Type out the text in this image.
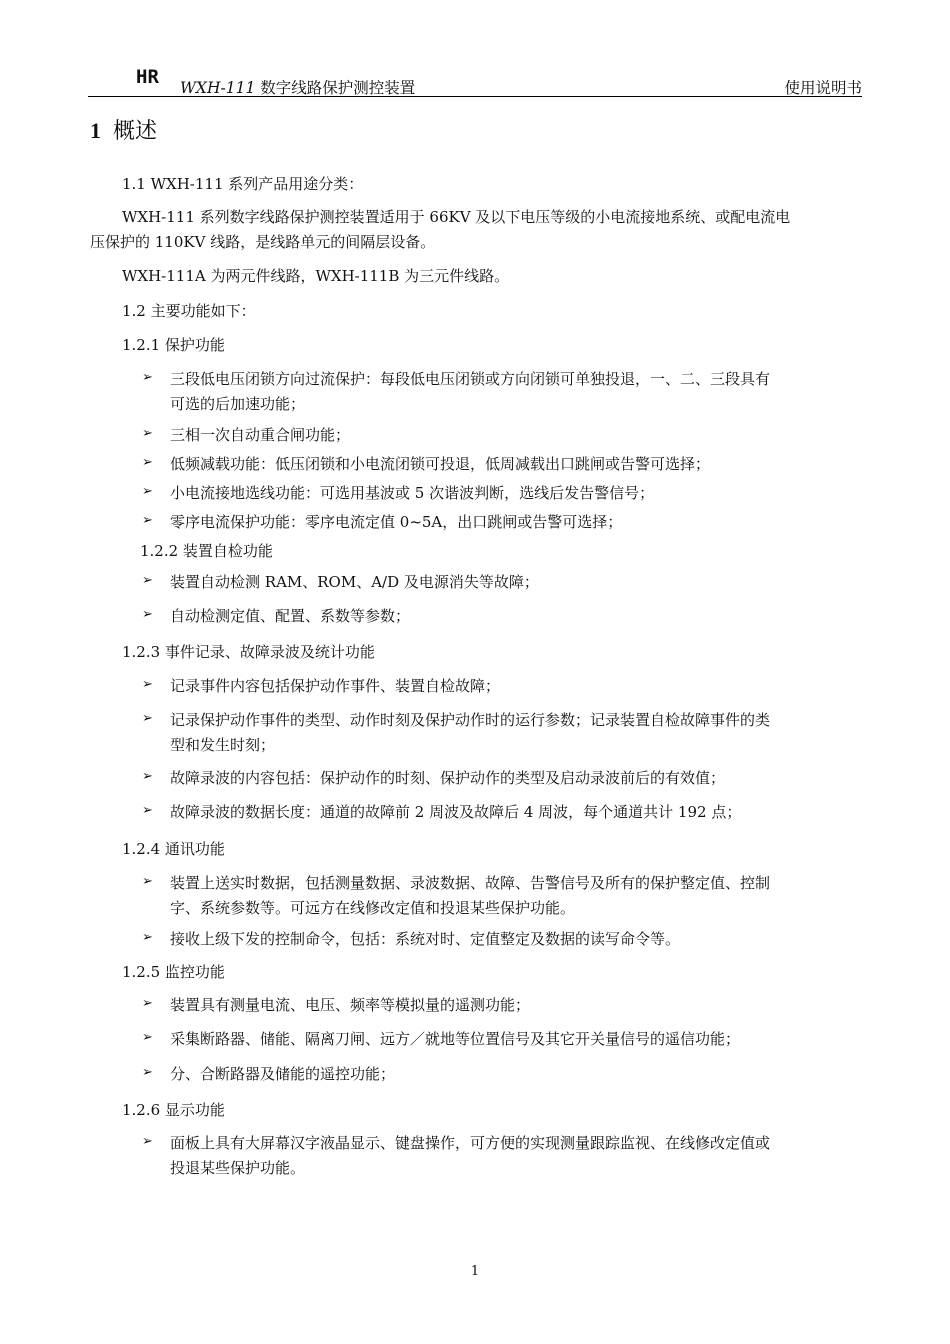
HR WXH-111 数字线路保护测控装置	使用说明书
1 概述
1.1 WXH-111 系列产品用途分类：
WXH-111 系列数字线路保护测控装置适用于 66KV 及以下电压等级的小电流接地系统、或配电流电
压保护的 110KV 线路，是线路单元的间隔层设备。
WXH-111A 为两元件线路，WXH-111B 为三元件线路。
1.2 主要功能如下：
1.2.1 保护功能
➢ 三段低电压闭锁方向过流保护：每段低电压闭锁或方向闭锁可单独投退，一、二、三段具有
可选的后加速功能；
➢ 三相一次自动重合闸功能；
➢ 低频减载功能：低压闭锁和小电流闭锁可投退，低周减载出口跳闸或告警可选择；
➢ 小电流接地选线功能：可选用基波或 5 次谐波判断，选线后发告警信号；
➢ 零序电流保护功能：零序电流定值 0~5A，出口跳闸或告警可选择；
1.2.2 装置自检功能
➢ 装置自动检测 RAM、ROM、A/D 及电源消失等故障；
➢ 自动检测定值、配置、系数等参数；
1.2.3 事件记录、故障录波及统计功能
➢ 记录事件内容包括保护动作事件、装置自检故障；
➢ 记录保护动作事件的类型、动作时刻及保护动作时的运行参数；记录装置自检故障事件的类
型和发生时刻；
➢ 故障录波的内容包括：保护动作的时刻、保护动作的类型及启动录波前后的有效值；
➢ 故障录波的数据长度：通道的故障前 2 周波及故障后 4 周波，每个通道共计 192 点；
1.2.4 通讯功能
➢ 装置上送实时数据，包括测量数据、录波数据、故障、告警信号及所有的保护整定值、控制
字、系统参数等。可远方在线修改定值和投退某些保护功能。
➢ 接收上级下发的控制命令，包括：系统对时、定值整定及数据的读写命令等。
1.2.5 监控功能
➢ 装置具有测量电流、电压、频率等模拟量的遥测功能；
➢ 采集断路器、储能、隔离刀闸、远方／就地等位置信号及其它开关量信号的遥信功能；
➢ 分、合断路器及储能的遥控功能；
1.2.6 显示功能
➢ 面板上具有大屏幕汉字液晶显示、键盘操作，可方便的实现测量跟踪监视、在线修改定值或
投退某些保护功能。
1
